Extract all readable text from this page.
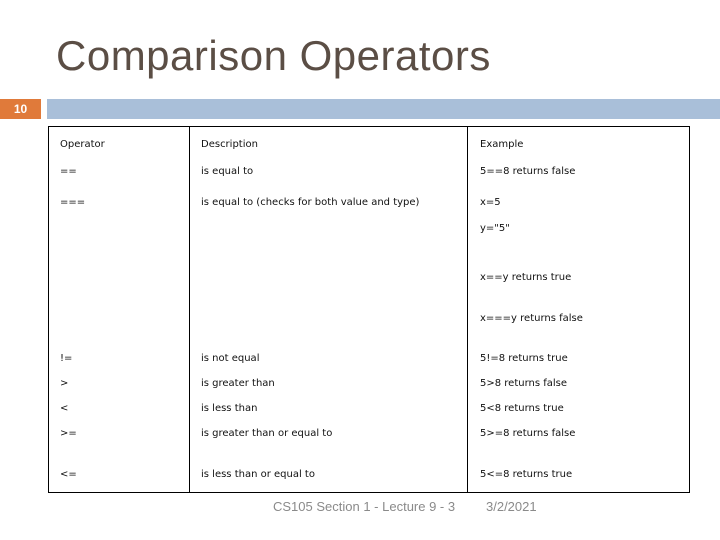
Comparison Operators
10
Operator	Description	Example
==	is equal to	5==8 returns false
===	is equal to (checks for both value and type)	x=5
y="5"
x==y returns true
x===y returns false
!=	is not equal	5!=8 returns true
>	is greater than	5>8 returns false
<	is less than	5<8 returns true
>=	is greater than or equal to	5>=8 returns false
<=	is less than or equal to	5<=8 returns true
CS105 Section 1 - Lecture 9 - 3 3/2/2021
